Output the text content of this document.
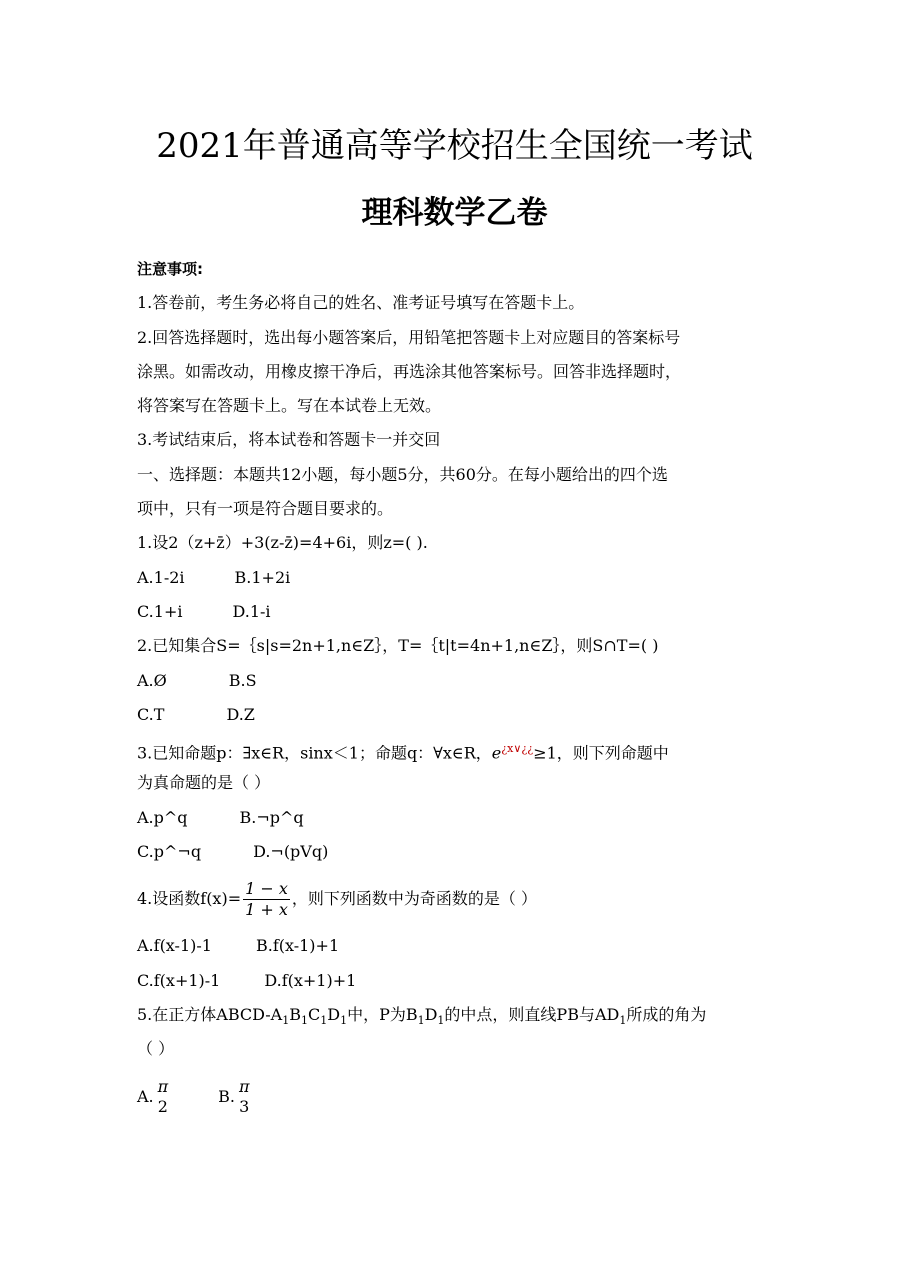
2021年普通高等学校招生全国统一考试
理科数学乙卷
注意事项:
1.答卷前，考生务必将自己的姓名、准考证号填写在答题卡上。
2.回答选择题时，选出每小题答案后，用铅笔把答题卡上对应题目的答案标号
涂黑。如需改动，用橡皮擦干净后，再选涂其他答案标号。回答非选择题时，
将答案写在答题卡上。写在本试卷上无效。
3.考试结束后，将本试卷和答题卡一并交回
一、选择题：本题共12小题，每小题5分，共60分。在每小题给出的四个选
项中，只有一项是符合题目要求的。
1.设2（z+z̄）+3(z-z̄)=4+6i，则z=( ).
A.1-2i	B.1+2i
C.1+i	D.1-i
2.已知集合S=｛s|s=2n+1,n∈Z｝，T=｛t|t=4n+1,n∈Z｝，则S∩T=( )
A.Ø	B.S
C.T	D.Z
3.已知命题p：∃x∈R，sinx＜1；命题q：∀x∈R，$e^{¿x\vee¿¿}\ge 1$，则下列命题中
为真命题的是（ ）
A.p^q	B.¬p^q
C.p^¬q	D.¬(pVq)
4.设函数$f(x)= \frac{1 - x}{1 + x}$ ，则下列函数中为奇函数的是（ ）
A.f(x-1)-1	B.f(x-1)+1
C.f(x+1)-1	D.f(x+1)+1
5.在正方体ABCD-$A_1B_1C_1D_1$中，P为$B_1D_1$的中点，则直线PB与$AD_1$所成的角为
（ ）
A.
π
2
B.
π
3
